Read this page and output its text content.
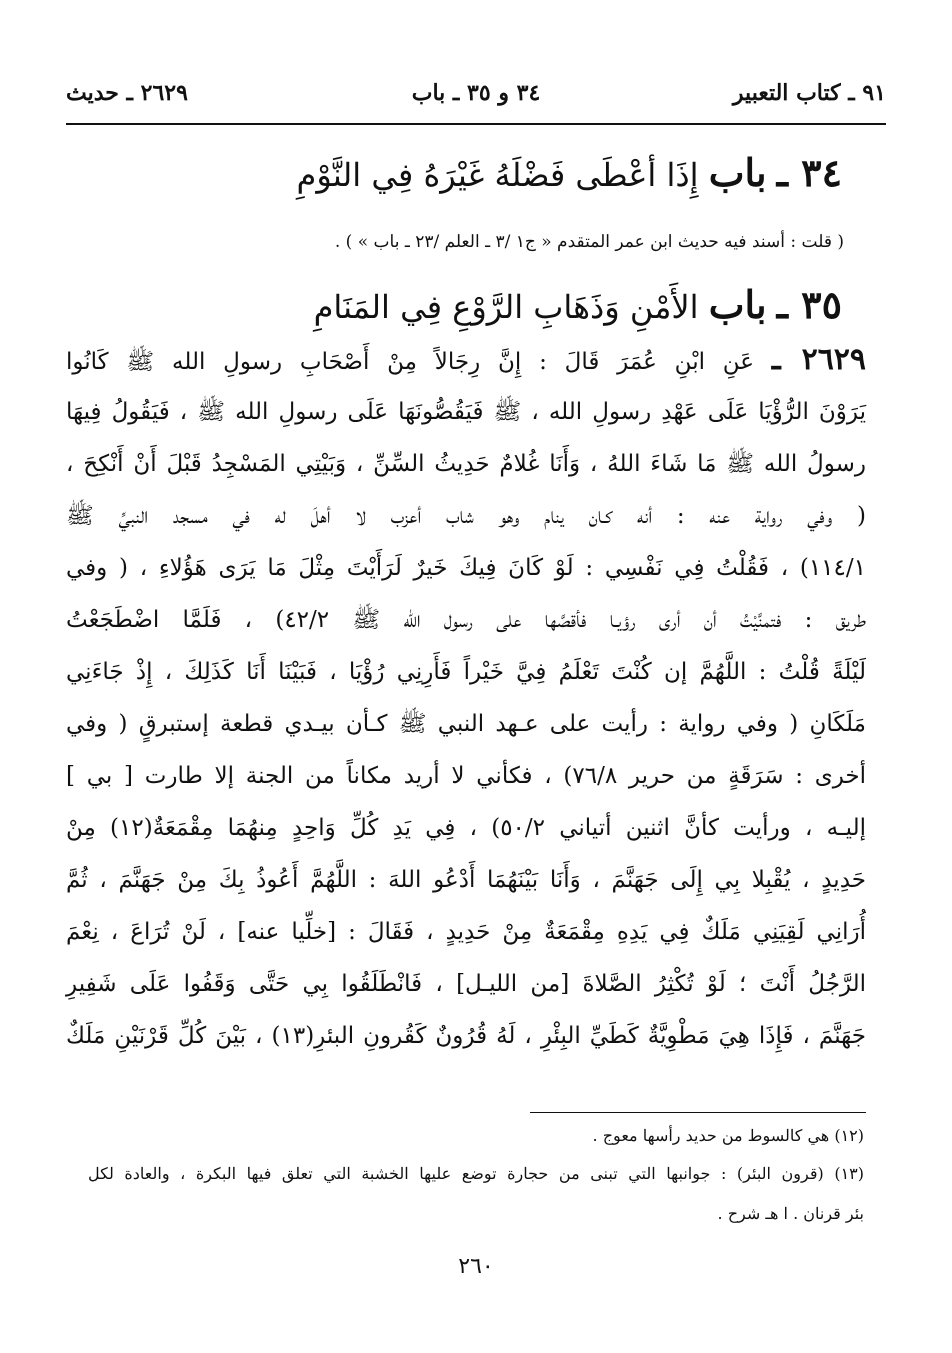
٩١ ـ كتاب التعبير
٣٤ و ٣٥ ـ باب
٢٦٢٩ ـ حديث
٣٤ ـ باب إِذَا أعْطَى فَضْلَهُ غَيْرَهُ فِي النَّوْمِ
( قلت : أسند فيه حديث ابن عمر المتقدم « ج١ /٣ ـ العلم /٢٣ ـ باب » ) .
٣٥ ـ باب الأَمْنِ وَذَهَابِ الرَّوْعِ فِي المَنَامِ
٢٦٢٩ ـ عَنِ ابْنِ عُمَرَ قَالَ : إِنَّ رِجَالاً مِنْ أَصْحَابِ رسولِ الله ﷺ كَانُوا
يَرَوْنَ الرُّؤْيَا عَلَى عَهْدِ رسولِ الله ، ﷺ فَيَقُصُّونَهَا عَلَى رسولِ الله ﷺ ، فَيَقُولُ فِيهَا
رسولُ الله ﷺ مَا شَاءَ اللهُ ، وَأَنَا غُلامٌ حَدِيثُ السِّنِّ ، وَبَيْتِي المَسْجِدُ قَبْلَ أَنْ أَنْكِحَ ،
( وفي رواية عنه : أنه كـان ينام وهو شاب أعزب لا أهلَ له في مسجد النبيِّ ﷺ
١١٤/١) ، فَقُلْتُ فِي نَفْسِي : لَوْ كَانَ فِيكَ خَيرٌ لَرَأَيْتَ مِثْلَ مَا يَرَى هَؤُلاءِ ، ( وفي
طريق : فتمنَّيْتُ أن أرى رؤيـا فأقصَّها على رسول الله ﷺ ٤٢/٢) ، فَلَمَّا اضْطَجَعْتُ
لَيْلَةً قُلْتُ : اللَّهُمَّ إن كُنْتَ تَعْلَمُ فِيَّ خَيْراً فَأَرِنِي رُؤْيَا ، فَبَيْنَا أَنَا كَذَلِكَ ، إِذْ جَاءَنِي
مَلَكَانِ ( وفي رواية : رأيت على عـهد النبي ﷺ كـأن بيـدي قطعة إستبرقٍ ( وفي
أخرى : سَرَقَةٍ من حرير ٧٦/٨) ، فكأني لا أريد مكاناً من الجنة إلا طارت [ بي ]
إليـه ، ورأيت كأنَّ اثنين أتياني ٥٠/٢) ، فِي يَدِ كُلِّ وَاحِدٍ مِنهُمَا مِقْمَعَةٌ(١٢) مِنْ
حَدِيدٍ ، يُقْبِلا بِي إِلَى جَهَنَّمَ ، وَأَنَا بَيْنَهُمَا أَدْعُو اللهَ : اللَّهُمَّ أَعُوذُ بِكَ مِنْ جَهَنَّمَ ، ثُمَّ
أُرَانِي لَقِيَنِي مَلَكٌ فِي يَدِهِ مِقْمَعَةٌ مِنْ حَدِيدٍ ، فَقَالَ : [خلِّيا عنه] ، لَنْ تُرَاعَ ، نِعْمَ
الرَّجُلُ أَنْتَ ؛ لَوْ تُكْثِرُ الصَّلاةَ [من الليـل] ، فَانْطَلَقُوا بِي حَتَّى وَقَفُوا عَلَى شَفِيرِ
جَهَنَّمَ ، فَإِذَا هِيَ مَطْوِيَّةٌ كَطَيِّ البِئْرِ ، لَهُ قُرُونٌ كَقُرونِ البئرِ(١٣) ، بَيْنَ كُلِّ قَرْنَيْنِ مَلَكٌ
(١٢) هي كالسوط من حديد رأسها معوج .
(١٣) (قرون البئر) : جوانبها التي تبنى من حجارة توضع عليها الخشبة التي تعلق فيها البكرة ، والعادة لكل
بئر قرنان . ا هـ شرح .
٢٦٠
